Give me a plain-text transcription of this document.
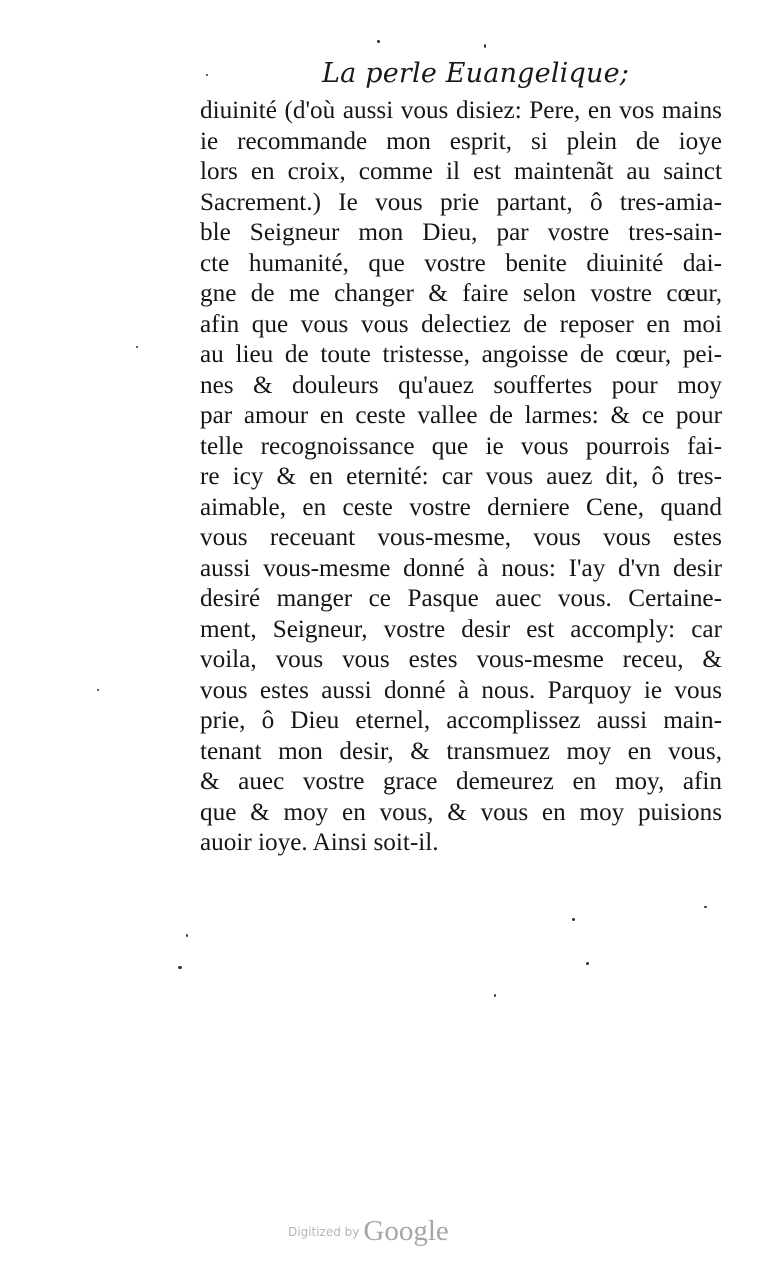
La perle Euangelique;
diuinité (d'où aussi vous disiez: Pere, en vos mains
ie recommande mon esprit, si plein de ioye
lors en croix, comme il est maintenãt au sainct
Sacrement.) Ie vous prie partant, ô tres-amia-
ble Seigneur mon Dieu, par vostre tres-sain-
cte humanité, que vostre benite diuinité dai-
gne de me changer & faire selon vostre cœur,
afin que vous vous delectiez de reposer en moi
au lieu de toute tristesse, angoisse de cœur, pei-
nes & douleurs qu'auez souffertes pour moy
par amour en ceste vallee de larmes: & ce pour
telle recognoissance que ie vous pourrois fai-
re icy & en eternité: car vous auez dit, ô tres-
aimable, en ceste vostre derniere Cene, quand
vous receuant vous-mesme, vous vous estes
aussi vous-mesme donné à nous: I'ay d'vn desir
desiré manger ce Pasque auec vous. Certaine-
ment, Seigneur, vostre desir est accomply: car
voila, vous vous estes vous-mesme receu, &
vous estes aussi donné à nous. Parquoy ie vous
prie, ô Dieu eternel, accomplissez aussi main-
tenant mon desir, & transmuez moy en vous,
& auec vostre grace demeurez en moy, afin
que & moy en vous, & vous en moy puisions
auoir ioye. Ainsi soit-il.
$^{Digitized by}$ Google
